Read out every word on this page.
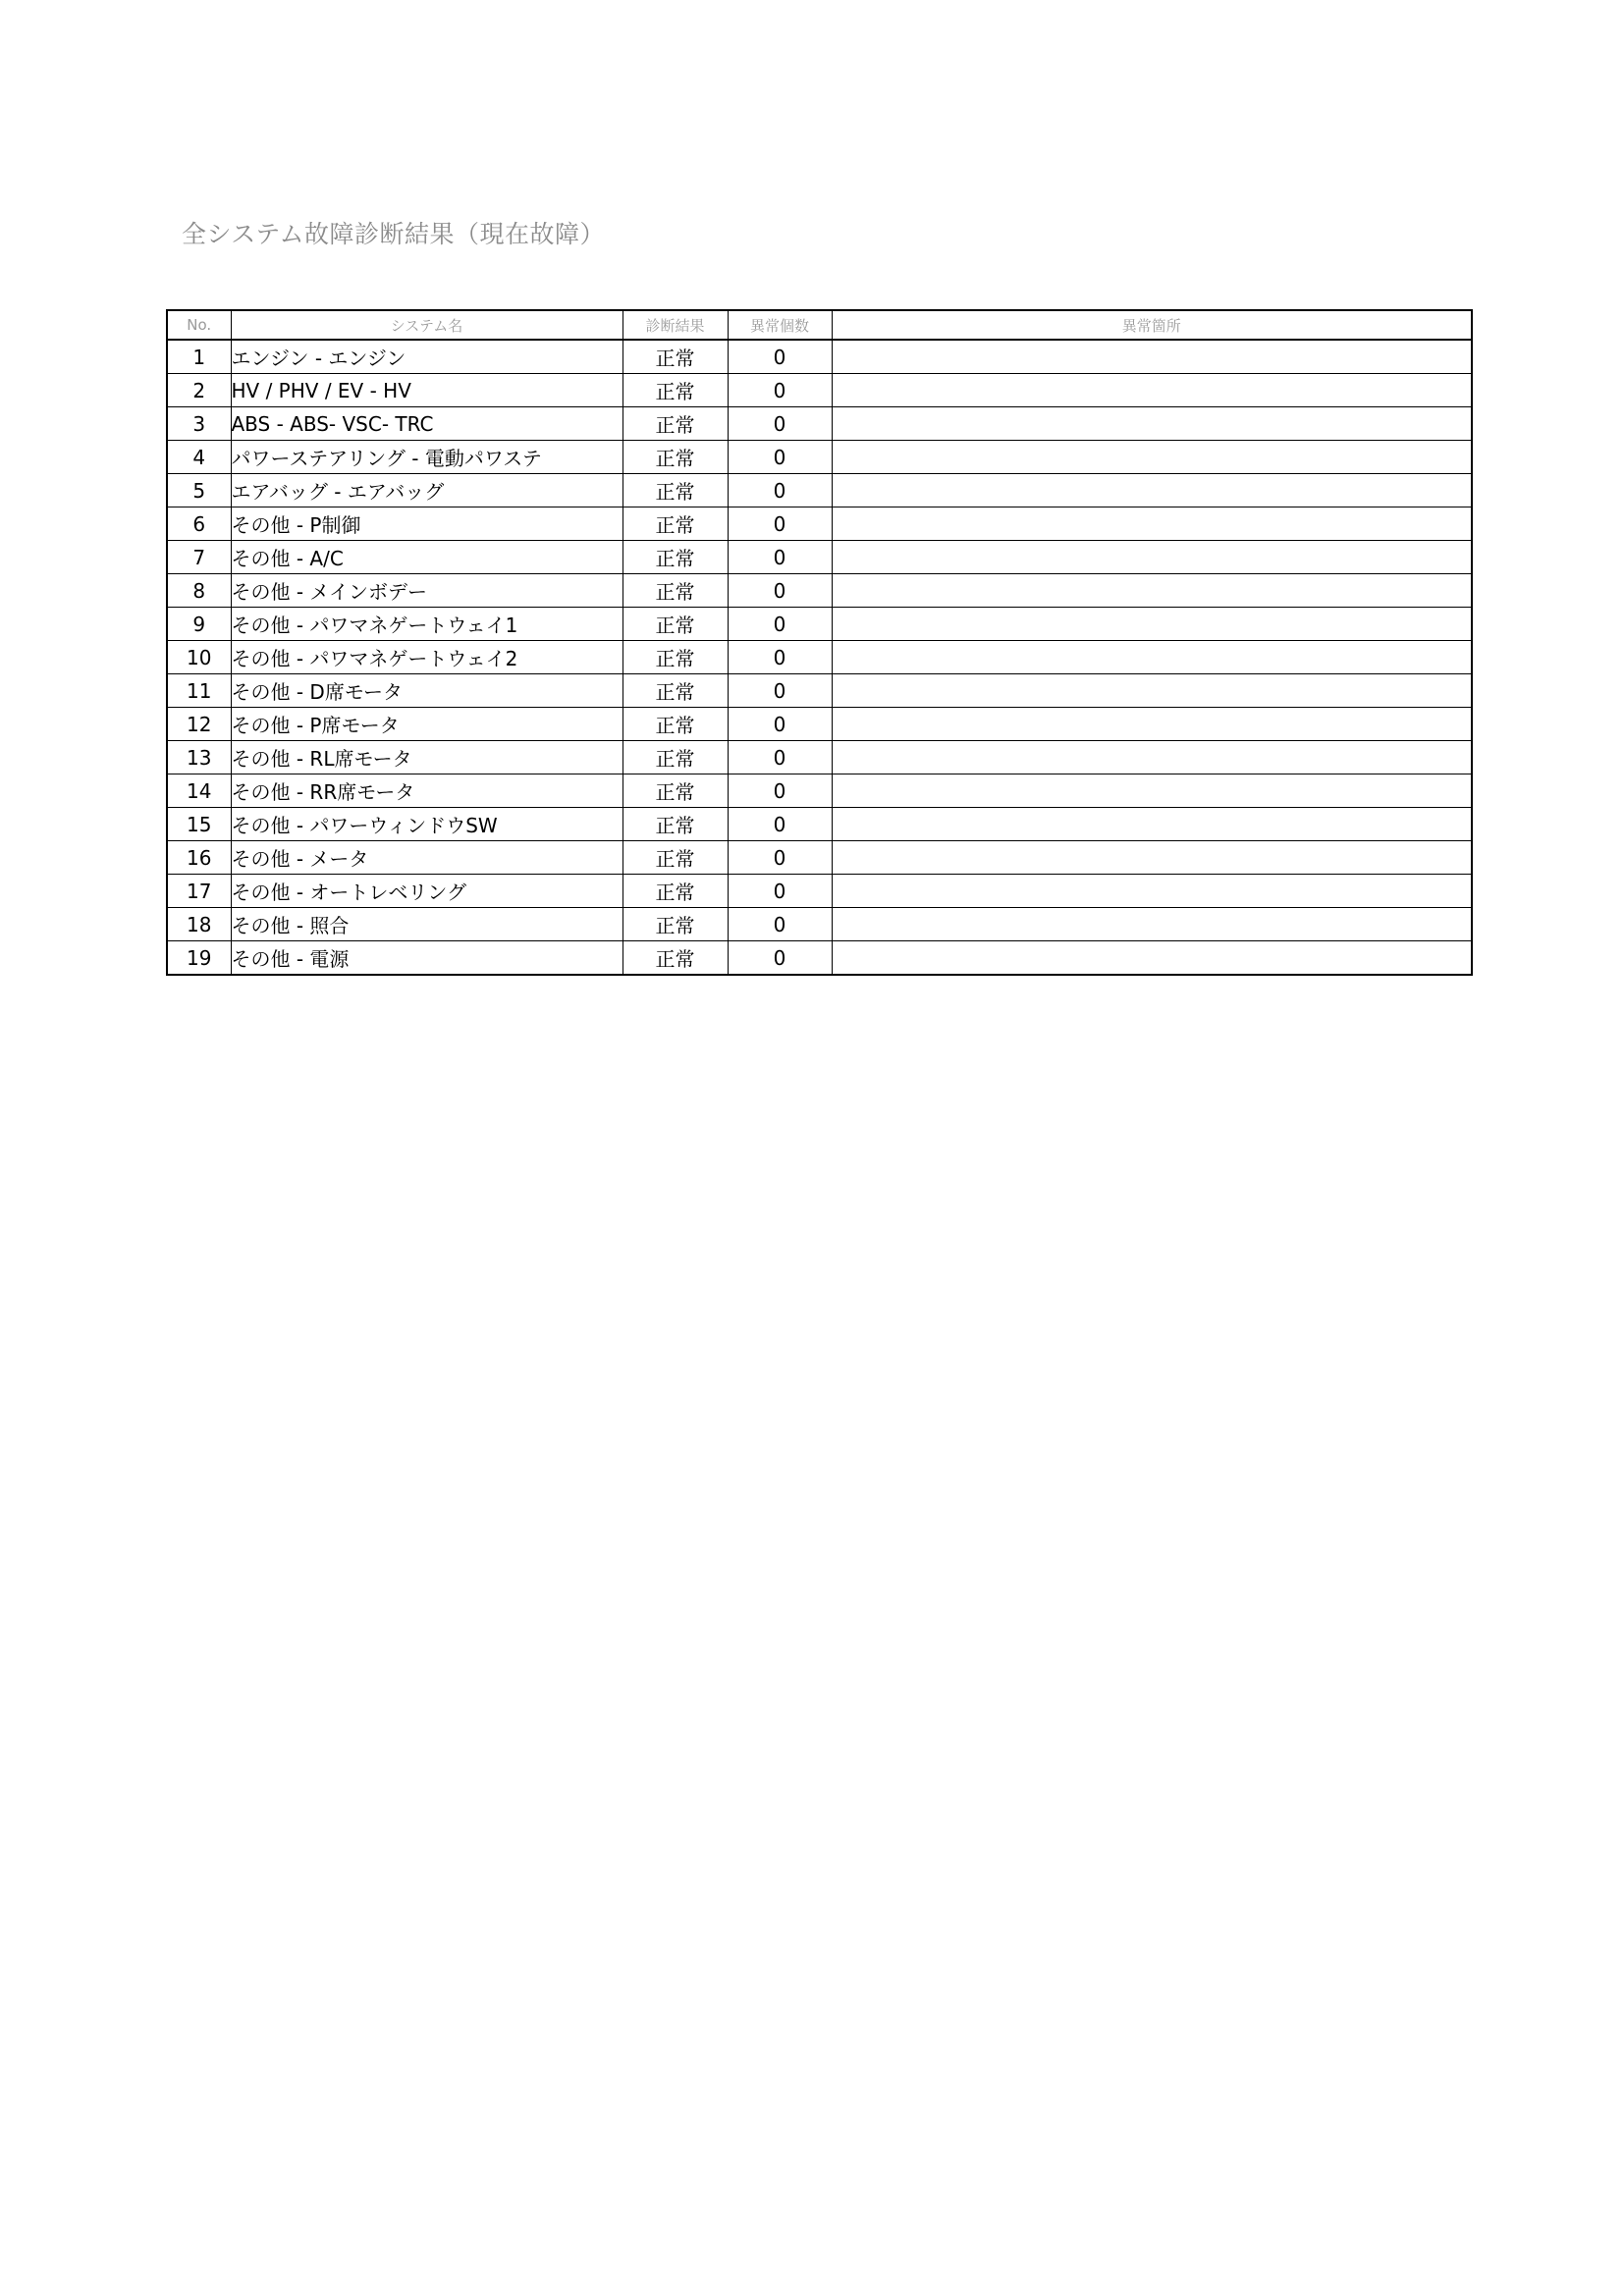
全システム故障診断結果（現在故障）
No.	システム名	診断結果	異常個数	異常箇所
1	エンジン - エンジン	正常	0	
2	HV / PHV / EV - HV	正常	0	
3	ABS - ABS- VSC- TRC	正常	0	
4	パワーステアリング - 電動パワステ	正常	0	
5	エアバッグ - エアバッグ	正常	0	
6	その他 - P制御	正常	0	
7	その他 - A/C	正常	0	
8	その他 - メインボデー	正常	0	
9	その他 - パワマネゲートウェイ1	正常	0	
10	その他 - パワマネゲートウェイ2	正常	0	
11	その他 - D席モータ	正常	0	
12	その他 - P席モータ	正常	0	
13	その他 - RL席モータ	正常	0	
14	その他 - RR席モータ	正常	0	
15	その他 - パワーウィンドウSW	正常	0	
16	その他 - メータ	正常	0	
17	その他 - オートレベリング	正常	0	
18	その他 - 照合	正常	0	
19	その他 - 電源	正常	0	
